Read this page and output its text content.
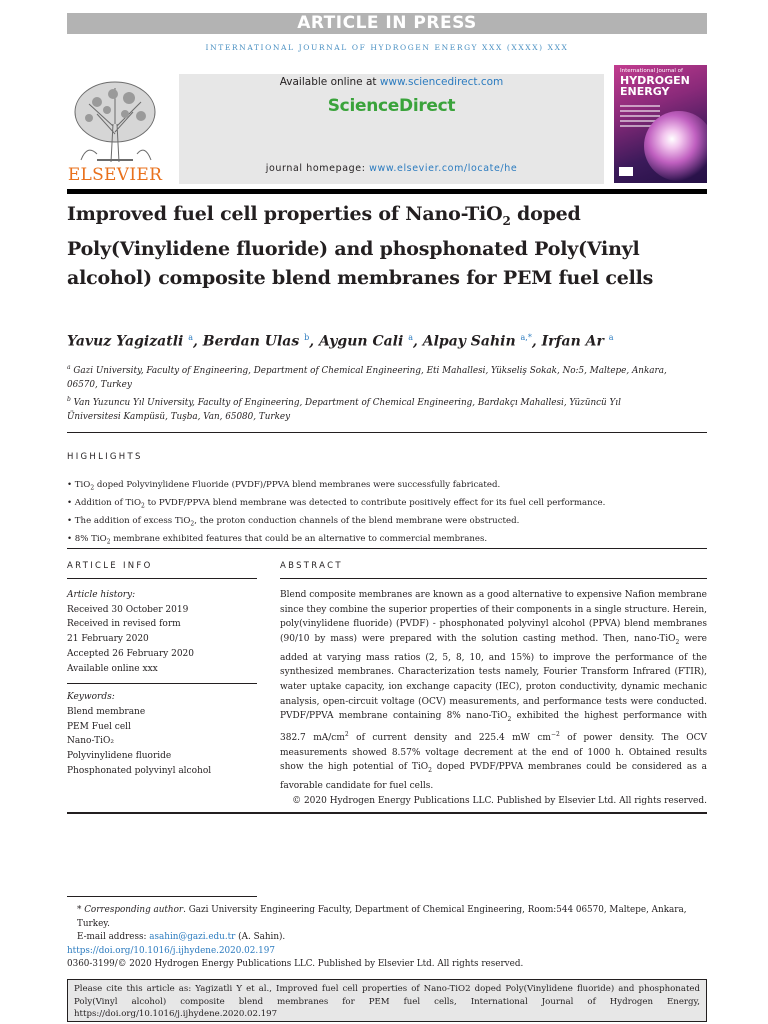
ARTICLE IN PRESS
INTERNATIONAL JOURNAL OF HYDROGEN ENERGY XXX (XXXX) XXX
ELSEVIER
Available online at www.sciencedirect.com
ScienceDirect
journal homepage: www.elsevier.com/locate/he
International Journal of
HYDROGEN
ENERGY
Improved fuel cell properties of Nano-TiO$_2$ doped Poly(Vinylidene fluoride) and phosphonated Poly(Vinyl alcohol) composite blend membranes for PEM fuel cells
Yavuz Yagizatli $^a$, Berdan Ulas $^b$, Aygun Cali $^a$, Alpay Sahin $^{a,*}$, Irfan Ar $^a$
$^a$ Gazi University, Faculty of Engineering, Department of Chemical Engineering, Eti Mahallesi, Yükseliş Sokak, No:5, Maltepe, Ankara, 06570, Turkey
$^b$ Van Yuzuncu Yıl University, Faculty of Engineering, Department of Chemical Engineering, Bardakçı Mahallesi, Yüzüncü Yıl Üniversitesi Kampüsü, Tuşba, Van, 65080, Turkey
HIGHLIGHTS
• TiO$_2$ doped Polyvinylidene Fluoride (PVDF)/PPVA blend membranes were successfully fabricated.
• Addition of TiO$_2$ to PVDF/PPVA blend membrane was detected to contribute positively effect for its fuel cell performance.
• The addition of excess TiO$_2$, the proton conduction channels of the blend membrane were obstructed.
• 8% TiO$_2$ membrane exhibited features that could be an alternative to commercial membranes.
ARTICLE INFO
Article history:
Received 30 October 2019
Received in revised form
21 February 2020
Accepted 26 February 2020
Available online xxx
Keywords:
Blend membrane
PEM Fuel cell
Nano-TiO₂
Polyvinylidene fluoride
Phosphonated polyvinyl alcohol
ABSTRACT
Blend composite membranes are known as a good alternative to expensive Nafion membrane since they combine the superior properties of their components in a single structure. Herein, poly(vinylidene fluoride) (PVDF) - phosphonated polyvinyl alcohol (PPVA) blend membranes (90/10 by mass) were prepared with the solution casting method. Then, nano-TiO$_2$ were added at varying mass ratios (2, 5, 8, 10, and 15%) to improve the performance of the synthesized membranes. Characterization tests namely, Fourier Transform Infrared (FTIR), water uptake capacity, ion exchange capacity (IEC), proton conductivity, dynamic mechanic analysis, open-circuit voltage (OCV) measurements, and performance tests were conducted. PVDF/PPVA membrane containing 8% nano-TiO$_2$ exhibited the highest performance with 382.7 $mA/cm^2$ of current density and 225.4 mW $cm^{-2}$ of power density. The OCV measurements showed 8.57% voltage decrement at the end of 1000 h. Obtained results show the high potential of TiO$_2$ doped PVDF/PPVA membranes could be considered as a favorable candidate for fuel cells.
© 2020 Hydrogen Energy Publications LLC. Published by Elsevier Ltd. All rights reserved.
* Corresponding author. Gazi University Engineering Faculty, Department of Chemical Engineering, Room:544 06570, Maltepe, Ankara, Turkey.
E-mail address: asahin@gazi.edu.tr (A. Sahin).
https://doi.org/10.1016/j.ijhydene.2020.02.197
0360-3199/© 2020 Hydrogen Energy Publications LLC. Published by Elsevier Ltd. All rights reserved.
Please cite this article as: Yagizatli Y et al., Improved fuel cell properties of Nano-TiO2 doped Poly(Vinylidene fluoride) and phosphonated Poly(Vinyl alcohol) composite blend membranes for PEM fuel cells, International Journal of Hydrogen Energy, https://doi.org/10.1016/j.ijhydene.2020.02.197
